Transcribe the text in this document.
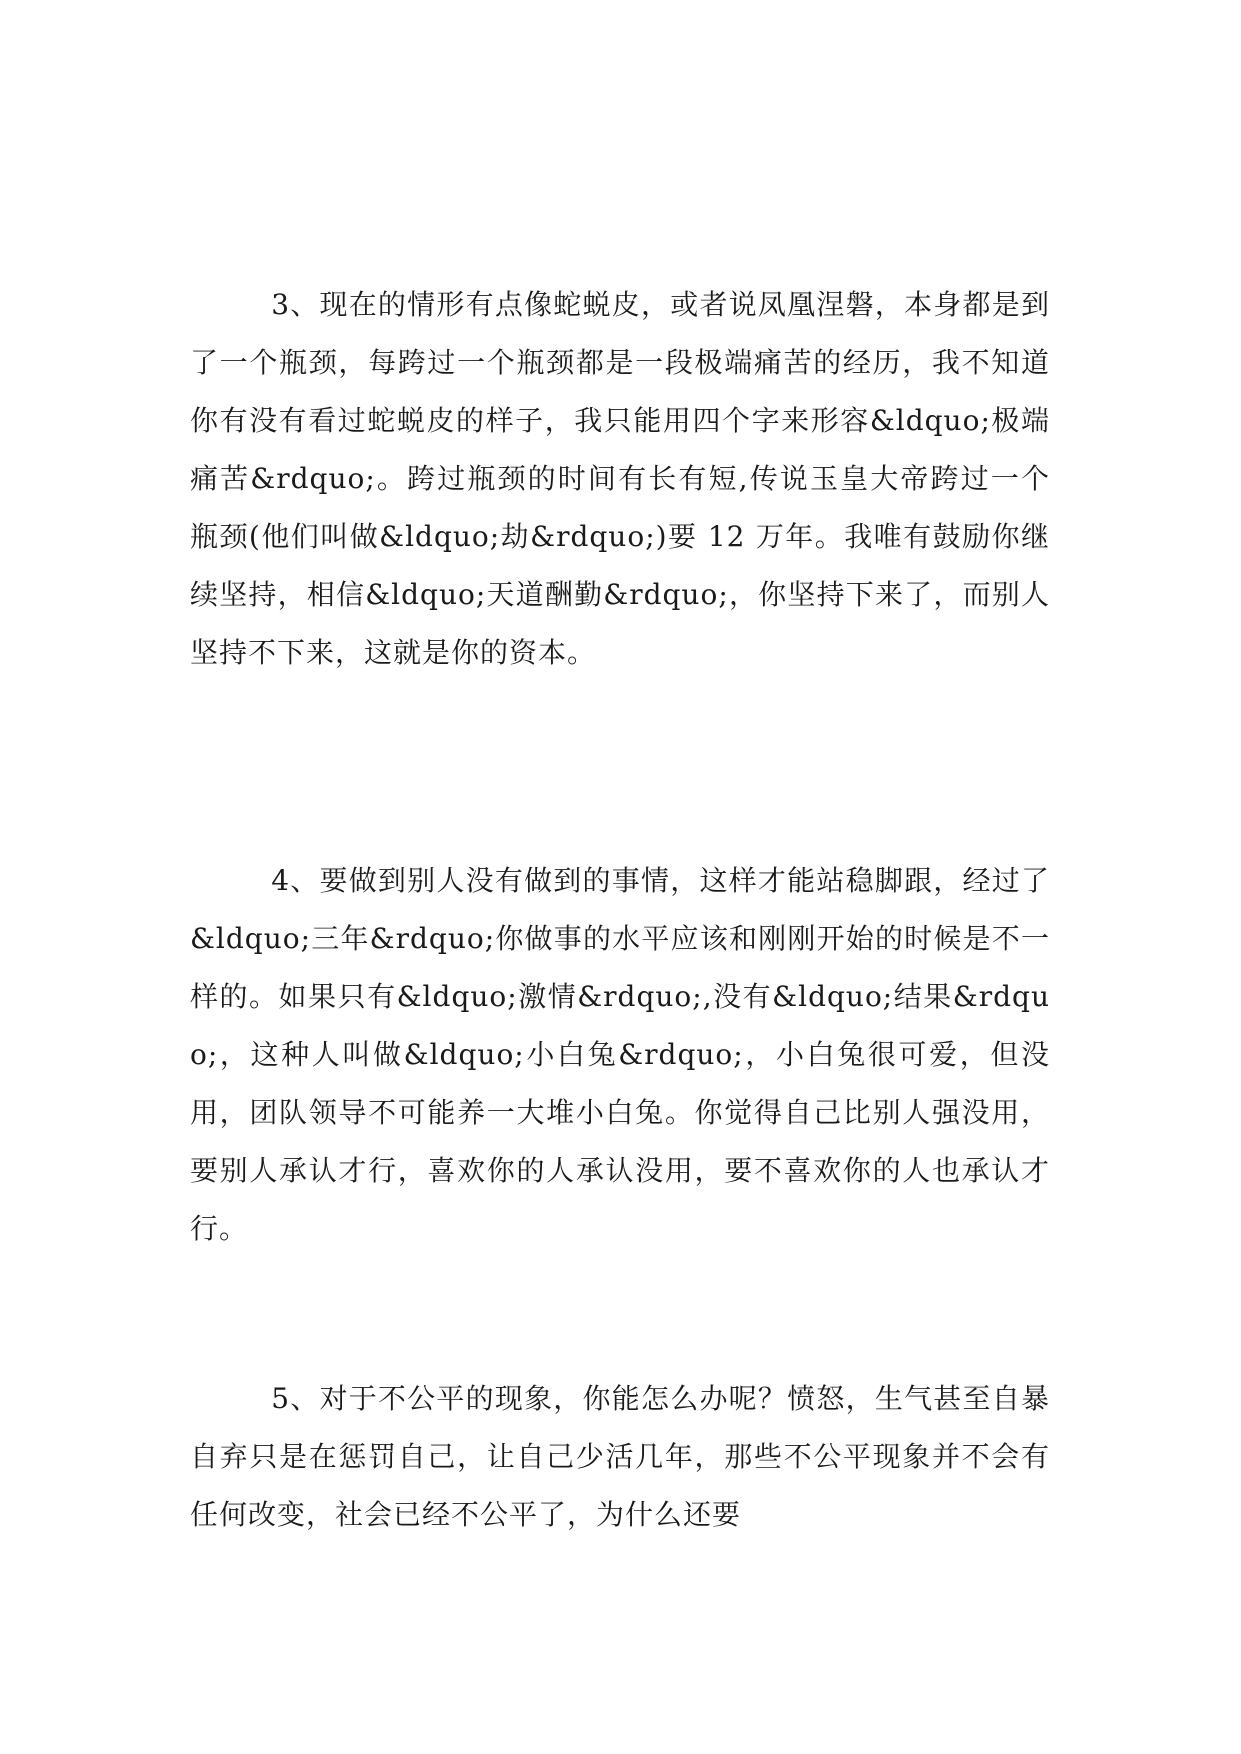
3、现在的情形有点像蛇蜕皮，或者说凤凰涅磐，本身都是到了一个瓶颈，每跨过一个瓶颈都是一段极端痛苦的经历，我不知道你有没有看过蛇蜕皮的样子，我只能用四个字来形容&ldquo;极端痛苦&rdquo;。跨过瓶颈的时间有长有短,传说玉皇大帝跨过一个瓶颈(他们叫做&ldquo;劫&rdquo;)要 12 万年。我唯有鼓励你继续坚持，相信&ldquo;天道酬勤&rdquo;，你坚持下来了，而别人坚持不下来，这就是你的资本。

4、要做到别人没有做到的事情，这样才能站稳脚跟，经过了&ldquo;三年&rdquo;你做事的水平应该和刚刚开始的时候是不一样的。如果只有&ldquo;激情&rdquo;,没有&ldquo;结果&rdquo;，这种人叫做&ldquo;小白兔&rdquo;，小白兔很可爱，但没用，团队领导不可能养一大堆小白兔。你觉得自己比别人强没用，要别人承认才行，喜欢你的人承认没用，要不喜欢你的人也承认才行。

5、对于不公平的现象，你能怎么办呢？愤怒，生气甚至自暴自弃只是在惩罚自己，让自己少活几年，那些不公平现象并不会有任何改变，社会已经不公平了，为什么还要
